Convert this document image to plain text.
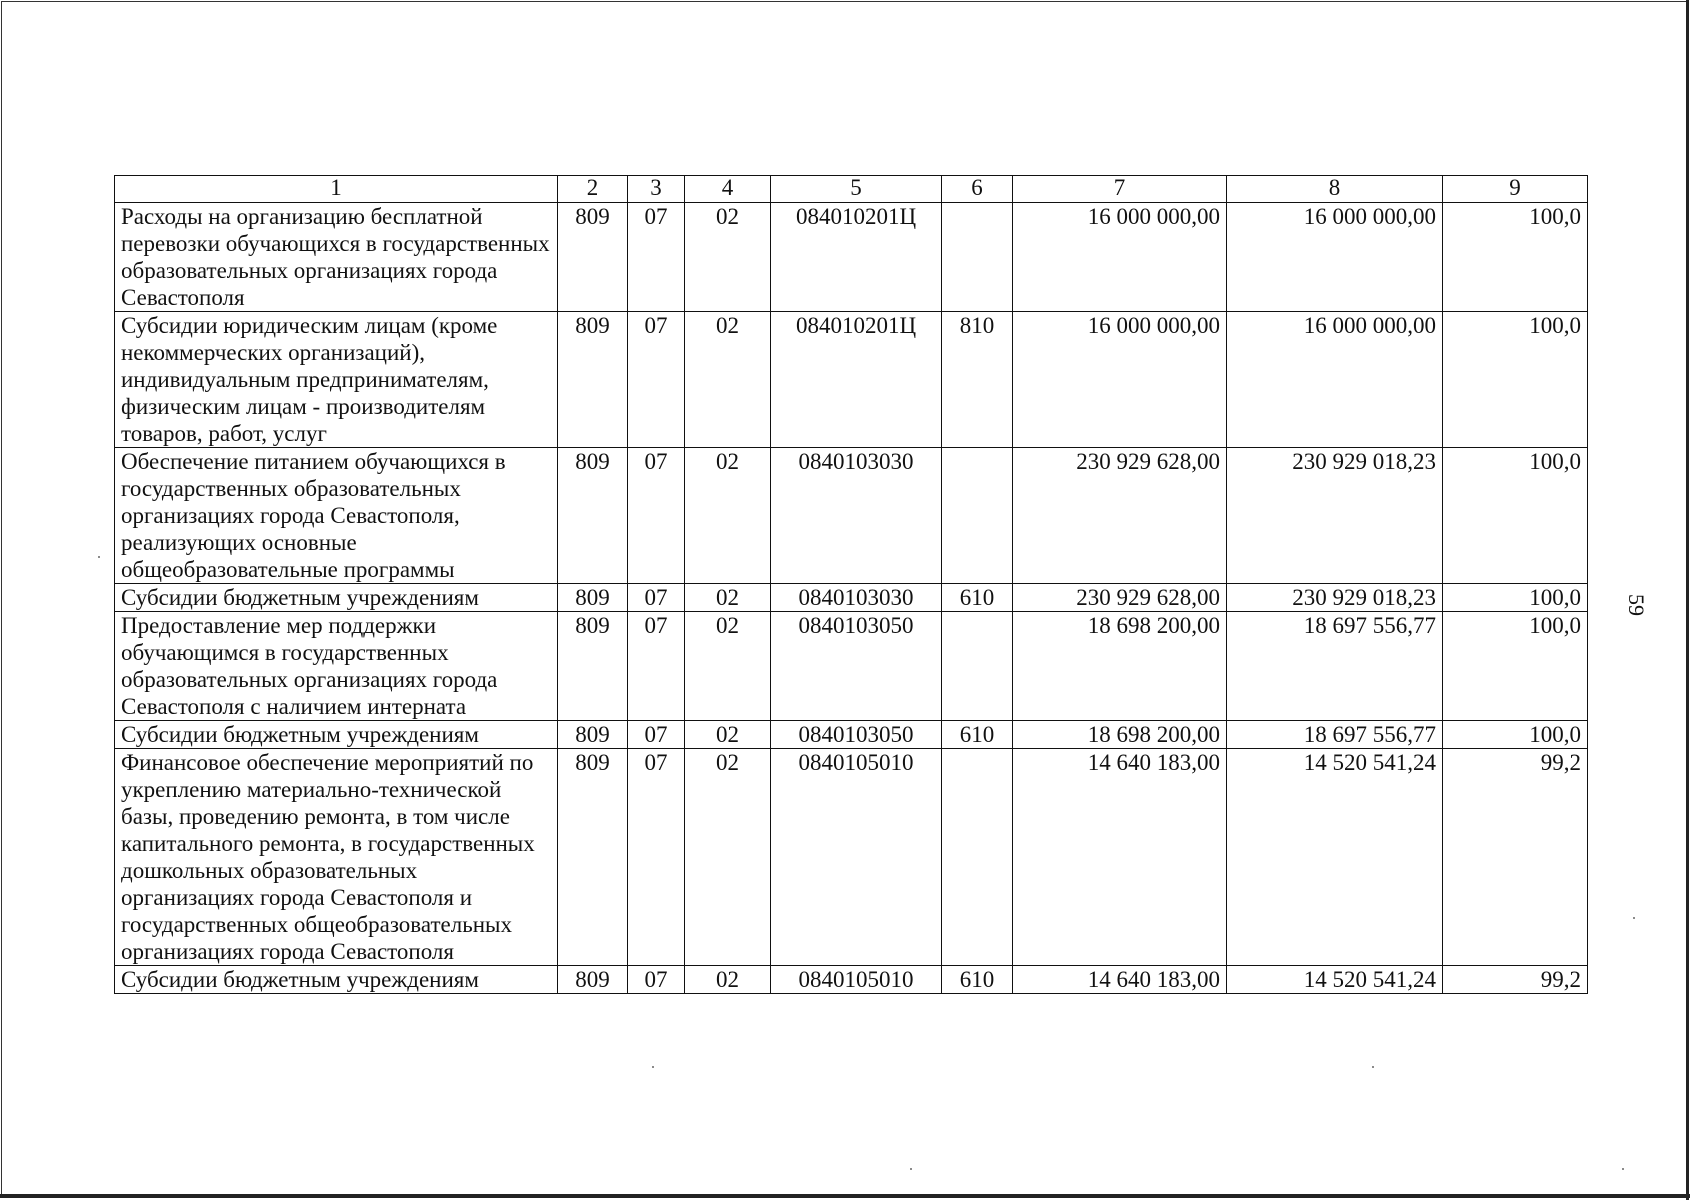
59
1	2	3	4	5	6	7	8	9
Расходы на организацию бесплатной перевозки обучающихся в государственных образовательных организациях города Севастополя	809	07	02	084010201Ц		16 000 000,00	16 000 000,00	100,0
Субсидии юридическим лицам (кроме некоммерческих организаций), индивидуальным предпринимателям, физическим лицам - производителям товаров, работ, услуг	809	07	02	084010201Ц	810	16 000 000,00	16 000 000,00	100,0
Обеспечение питанием обучающихся в государственных образовательных организациях города Севастополя, реализующих основные общеобразовательные программы	809	07	02	0840103030		230 929 628,00	230 929 018,23	100,0
Субсидии бюджетным учреждениям	809	07	02	0840103030	610	230 929 628,00	230 929 018,23	100,0
Предоставление мер поддержки обучающимся в государственных образовательных организациях города Севастополя с наличием интерната	809	07	02	0840103050		18 698 200,00	18 697 556,77	100,0
Субсидии бюджетным учреждениям	809	07	02	0840103050	610	18 698 200,00	18 697 556,77	100,0
Финансовое обеспечение мероприятий по укреплению материально-технической базы, проведению ремонта, в том числе капитального ремонта, в государственных дошкольных образовательных организациях города Севастополя и государственных общеобразовательных организациях города Севастополя	809	07	02	0840105010		14 640 183,00	14 520 541,24	99,2
Субсидии бюджетным учреждениям	809	07	02	0840105010	610	14 640 183,00	14 520 541,24	99,2
